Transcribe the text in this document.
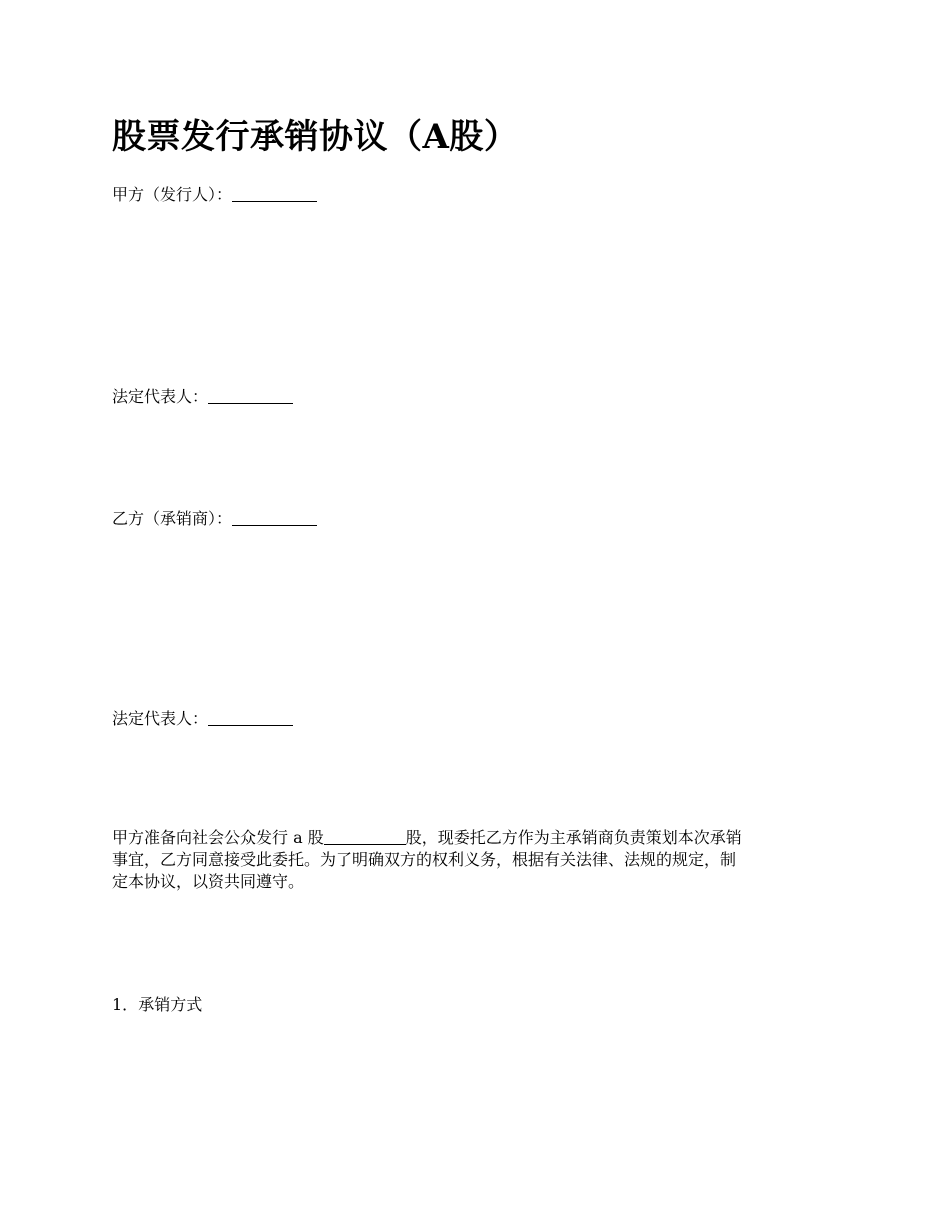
股票发行承销协议（A股）

甲方（发行人）：

法定代表人：

乙方（承销商）：

法定代表人：

甲方准备向社会公众发行 a 股	股，现委托乙方作为主承销商负责策划本次承销
事宜，乙方同意接受此委托。为了明确双方的权利义务，根据有关法律、法规的规定，制
定本协议，以资共同遵守。

1．承销方式
